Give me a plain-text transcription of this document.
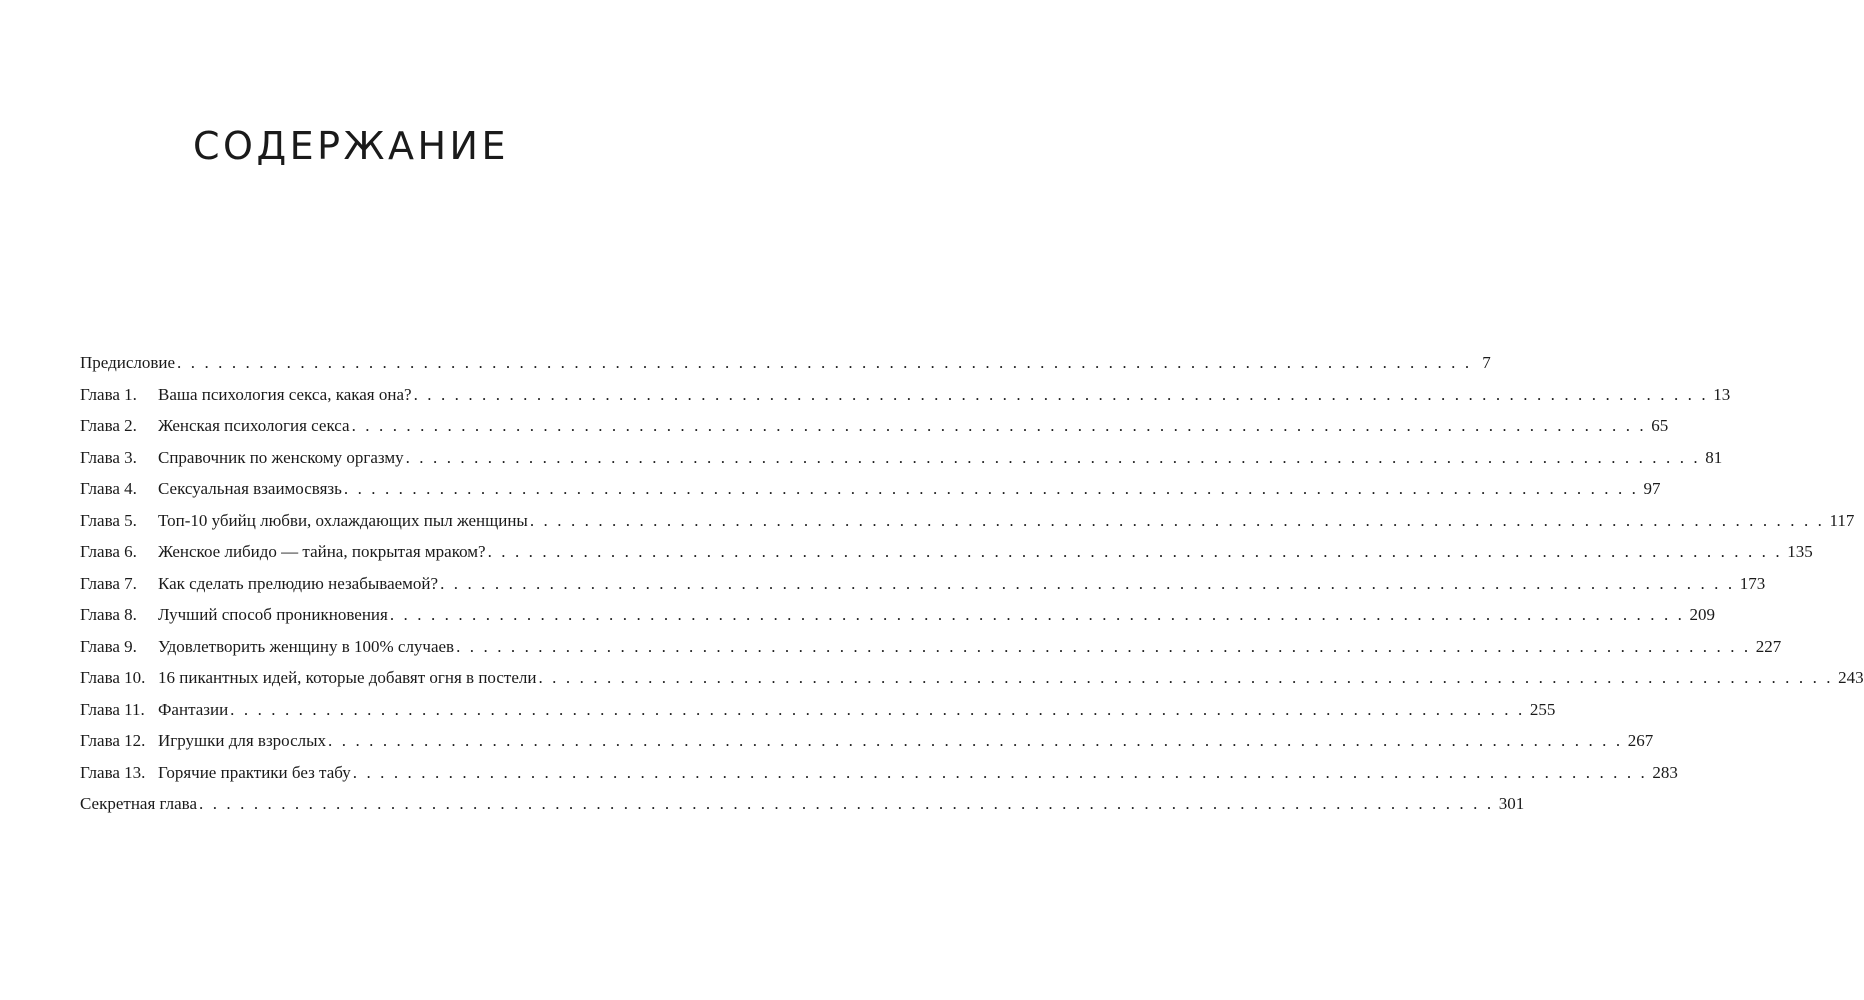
СОДЕРЖАНИЕ
Предисловие . . . . . . . . . . . . . . . . . . . . . . . . . . . . . . . . . . . . . . . . . . . . . . . . . . . . . . . . . . . . . . . . . . . . . . . . . . . . . . . . . . . . . . . . . . . . . . . 7
Глава 1.	Ваша психология секса, какая она? . . . . . . . . . . . . . . . . . . . . . . . . . . . . . . . . . . . . . . . . . . . . . . . . . . . . . . . . . . . . . . . . . . . . . . . . . . . . . . . . . . . . . . . . . . . . . . . 13
Глава 2.	Женская психология секса . . . . . . . . . . . . . . . . . . . . . . . . . . . . . . . . . . . . . . . . . . . . . . . . . . . . . . . . . . . . . . . . . . . . . . . . . . . . . . . . . . . . . . . . . . . . . . . 65
Глава 3.	Справочник по женскому оргазму . . . . . . . . . . . . . . . . . . . . . . . . . . . . . . . . . . . . . . . . . . . . . . . . . . . . . . . . . . . . . . . . . . . . . . . . . . . . . . . . . . . . . . . . . . . . . . . 81
Глава 4.	Сексуальная взаимосвязь . . . . . . . . . . . . . . . . . . . . . . . . . . . . . . . . . . . . . . . . . . . . . . . . . . . . . . . . . . . . . . . . . . . . . . . . . . . . . . . . . . . . . . . . . . . . . . . 97
Глава 5.	Топ-10 убийц любви, охлаждающих пыл женщины . . . . . . . . . . . . . . . . . . . . . . . . . . . . . . . . . . . . . . . . . . . . . . . . . . . . . . . . . . . . . . . . . . . . . . . . . . . . . . . . . . . . . . . . . . . . . . . 117
Глава 6.	Женское либидо — тайна, покрытая мраком? . . . . . . . . . . . . . . . . . . . . . . . . . . . . . . . . . . . . . . . . . . . . . . . . . . . . . . . . . . . . . . . . . . . . . . . . . . . . . . . . . . . . . . . . . . . . . . . 135
Глава 7.	Как сделать прелюдию незабываемой? . . . . . . . . . . . . . . . . . . . . . . . . . . . . . . . . . . . . . . . . . . . . . . . . . . . . . . . . . . . . . . . . . . . . . . . . . . . . . . . . . . . . . . . . . . . . . . . 173
Глава 8.	Лучший способ проникновения . . . . . . . . . . . . . . . . . . . . . . . . . . . . . . . . . . . . . . . . . . . . . . . . . . . . . . . . . . . . . . . . . . . . . . . . . . . . . . . . . . . . . . . . . . . . . . . 209
Глава 9.	Удовлетворить женщину в 100% случаев . . . . . . . . . . . . . . . . . . . . . . . . . . . . . . . . . . . . . . . . . . . . . . . . . . . . . . . . . . . . . . . . . . . . . . . . . . . . . . . . . . . . . . . . . . . . . . . 227
Глава 10. 16 пикантных идей, которые добавят огня в постели . . . . . . . . . . . . . . . . . . . . . . . . . . . . . . . . . . . . . . . . . . . . . . . . . . . . . . . . . . . . . . . . . . . . . . . . . . . . . . . . . . . . . . . . . . . . . . . 243
Глава 11. Фантазии . . . . . . . . . . . . . . . . . . . . . . . . . . . . . . . . . . . . . . . . . . . . . . . . . . . . . . . . . . . . . . . . . . . . . . . . . . . . . . . . . . . . . . . . . . . . . . . 255
Глава 12. Игрушки для взрослых . . . . . . . . . . . . . . . . . . . . . . . . . . . . . . . . . . . . . . . . . . . . . . . . . . . . . . . . . . . . . . . . . . . . . . . . . . . . . . . . . . . . . . . . . . . . . . . 267
Глава 13. Горячие практики без табу . . . . . . . . . . . . . . . . . . . . . . . . . . . . . . . . . . . . . . . . . . . . . . . . . . . . . . . . . . . . . . . . . . . . . . . . . . . . . . . . . . . . . . . . . . . . . . . 283
Секретная глава . . . . . . . . . . . . . . . . . . . . . . . . . . . . . . . . . . . . . . . . . . . . . . . . . . . . . . . . . . . . . . . . . . . . . . . . . . . . . . . . . . . . . . . . . . . . . . . 301
